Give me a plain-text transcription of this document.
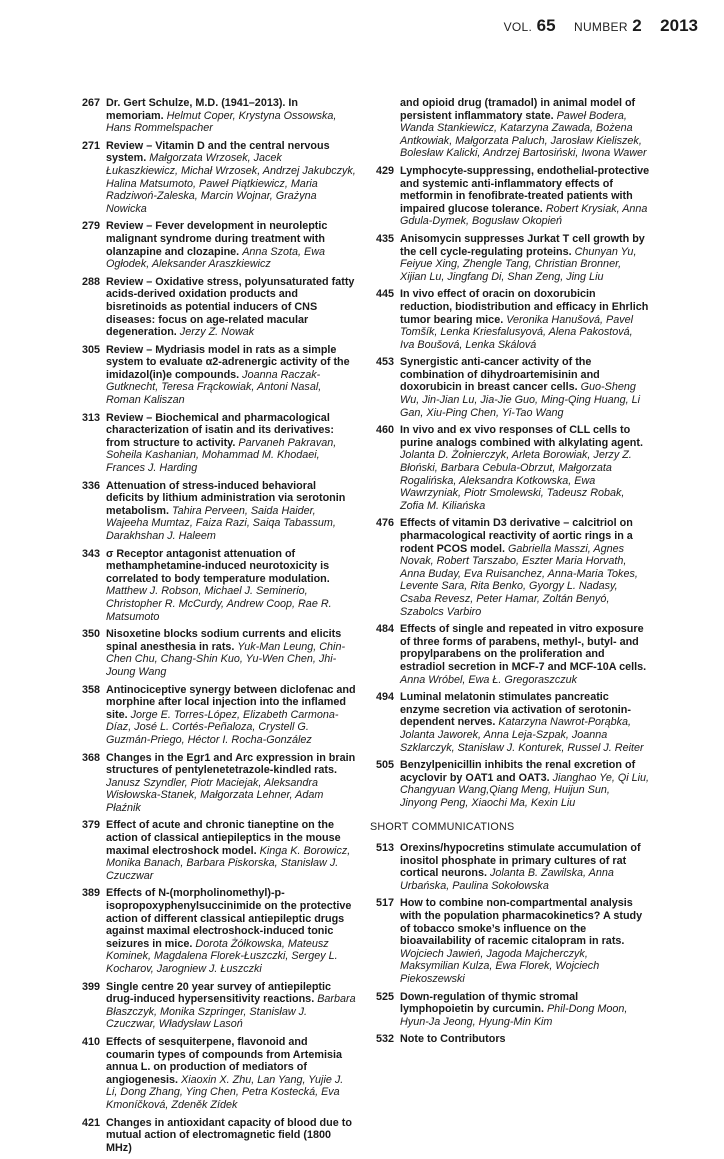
VOL. 65 NUMBER 2 2013
267 Dr. Gert Schulze, M.D. (1941–2013). In memoriam. Helmut Coper, Krystyna Ossowska, Hans Rommelspacher
271 Review – Vitamin D and the central nervous system. Małgorzata Wrzosek, Jacek Łukaszkiewicz, Michał Wrzosek, Andrzej Jakubczyk, Halina Matsumoto, Paweł Piątkiewicz, Maria Radziwoń-Zaleska, Marcin Wojnar, Grażyna Nowicka
279 Review – Fever development in neuroleptic malignant syndrome during treatment with olanzapine and clozapine. Anna Szota, Ewa Ogłodek, Aleksander Araszkiewicz
288 Review – Oxidative stress, polyunsaturated fatty acids-derived oxidation products and bisretinoids as potential inducers of CNS diseases: focus on age-related macular degeneration. Jerzy Z. Nowak
305 Review – Mydriasis model in rats as a simple system to evaluate α2-adrenergic activity of the imidazol(in)e compounds. Joanna Raczak-Gutknecht, Teresa Frąckowiak, Antoni Nasal, Roman Kaliszan
313 Review – Biochemical and pharmacological characterization of isatin and its derivatives: from structure to activity. Parvaneh Pakravan, Soheila Kashanian, Mohammad M. Khodaei, Frances J. Harding
336 Attenuation of stress-induced behavioral deficits by lithium administration via serotonin metabolism. Tahira Perveen, Saida Haider, Wajeeha Mumtaz, Faiza Razi, Saiqa Tabassum, Darakhshan J. Haleem
343 σ Receptor antagonist attenuation of methamphetamine-induced neurotoxicity is correlated to body temperature modulation. Matthew J. Robson, Michael J. Seminerio, Christopher R. McCurdy, Andrew Coop, Rae R. Matsumoto
350 Nisoxetine blocks sodium currents and elicits spinal anesthesia in rats. Yuk-Man Leung, Chin-Chen Chu, Chang-Shin Kuo, Yu-Wen Chen, Jhi-Joung Wang
358 Antinociceptive synergy between diclofenac and morphine after local injection into the inflamed site. Jorge E. Torres-López, Elizabeth Carmona-Díaz, José L. Cortés-Peñaloza, Crystell G. Guzmán-Priego, Héctor I. Rocha-González
368 Changes in the Egr1 and Arc expression in brain structures of pentylenetetrazole-kindled rats. Janusz Szyndler, Piotr Maciejak, Aleksandra Wisłowska-Stanek, Małgorzata Lehner, Adam Płaźnik
379 Effect of acute and chronic tianeptine on the action of classical antiepileptics in the mouse maximal electroshock model. Kinga K. Borowicz, Monika Banach, Barbara Piskorska, Stanisław J. Czuczwar
389 Effects of N-(morpholinomethyl)-p-isopropoxyphenylsuccinimide on the protective action of different classical antiepileptic drugs against maximal electroshock-induced tonic seizures in mice. Dorota Żółkowska, Mateusz Kominek, Magdalena Florek-Łuszczki, Sergey L. Kocharov, Jarogniew J. Łuszczki
399 Single centre 20 year survey of antiepileptic drug-induced hypersensitivity reactions. Barbara Błaszczyk, Monika Szpringer, Stanisław J. Czuczwar, Władysław Lasoń
410 Effects of sesquiterpene, flavonoid and coumarin types of compounds from Artemisia annua L. on production of mediators of angiogenesis. Xiaoxin X. Zhu, Lan Yang, Yujie J. Li, Dong Zhang, Ying Chen, Petra Kostecká, Eva Kmoníčková, Zdeněk Zídek
421 Changes in antioxidant capacity of blood due to mutual action of electromagnetic field (1800 MHz)
and opioid drug (tramadol) in animal model of persistent inflammatory state. Paweł Bodera, Wanda Stankiewicz, Katarzyna Zawada, Bożena Antkowiak, Małgorzata Paluch, Jarosław Kieliszek, Bolesław Kalicki, Andrzej Bartosiński, Iwona Wawer
429 Lymphocyte-suppressing, endothelial-protective and systemic anti-inflammatory effects of metformin in fenofibrate-treated patients with impaired glucose tolerance. Robert Krysiak, Anna Gdula-Dymek, Bogusław Okopień
435 Anisomycin suppresses Jurkat T cell growth by the cell cycle-regulating proteins. Chunyan Yu, Feiyue Xing, Zhengle Tang, Christian Bronner, Xijian Lu, Jingfang Di, Shan Zeng, Jing Liu
445 In vivo effect of oracin on doxorubicin reduction, biodistribution and efficacy in Ehrlich tumor bearing mice. Veronika Hanušová, Pavel Tomšík, Lenka Kriesfalusyová, Alena Pakostová, Iva Boušová, Lenka Skálová
453 Synergistic anti-cancer activity of the combination of dihydroartemisinin and doxorubicin in breast cancer cells. Guo-Sheng Wu, Jin-Jian Lu, Jia-Jie Guo, Ming-Qing Huang, Li Gan, Xiu-Ping Chen, Yi-Tao Wang
460 In vivo and ex vivo responses of CLL cells to purine analogs combined with alkylating agent. Jolanta D. Żołnierczyk, Arleta Borowiak, Jerzy Z. Błoński, Barbara Cebula-Obrzut, Małgorzata Rogalińska, Aleksandra Kotkowska, Ewa Wawrzyniak, Piotr Smolewski, Tadeusz Robak, Zofia M. Kiliańska
476 Effects of vitamin D3 derivative – calcitriol on pharmacological reactivity of aortic rings in a rodent PCOS model. Gabriella Masszi, Agnes Novak, Robert Tarszabo, Eszter Maria Horvath, Anna Buday, Eva Ruisanchez, Anna-Maria Tokes, Levente Sara, Rita Benko, Gyorgy L. Nadasy, Csaba Revesz, Peter Hamar, Zoltán Benyó, Szabolcs Varbiro
484 Effects of single and repeated in vitro exposure of three forms of parabens, methyl-, butyl- and propylparabens on the proliferation and estradiol secretion in MCF-7 and MCF-10A cells. Anna Wróbel, Ewa Ł. Gregoraszczuk
494 Luminal melatonin stimulates pancreatic enzyme secretion via activation of serotonin-dependent nerves. Katarzyna Nawrot-Porąbka, Jolanta Jaworek, Anna Leja-Szpak, Joanna Szklarczyk, Stanisław J. Konturek, Russel J. Reiter
505 Benzylpenicillin inhibits the renal excretion of acyclovir by OAT1 and OAT3. Jianghao Ye, Qi Liu, Changyuan Wang,Qiang Meng, Huijun Sun, Jinyong Peng, Xiaochi Ma, Kexin Liu
SHORT COMMUNICATIONS
513 Orexins/hypocretins stimulate accumulation of inositol phosphate in primary cultures of rat cortical neurons. Jolanta B. Zawilska, Anna Urbańska, Paulina Sokołowska
517 How to combine non-compartmental analysis with the population pharmacokinetics? A study of tobacco smoke’s influence on the bioavailability of racemic citalopram in rats. Wojciech Jawień, Jagoda Majcherczyk, Maksymilian Kulza, Ewa Florek, Wojciech Piekoszewski
525 Down-regulation of thymic stromal lymphopoietin by curcumin. Phil-Dong Moon, Hyun-Ja Jeong, Hyung-Min Kim
532 Note to Contributors
